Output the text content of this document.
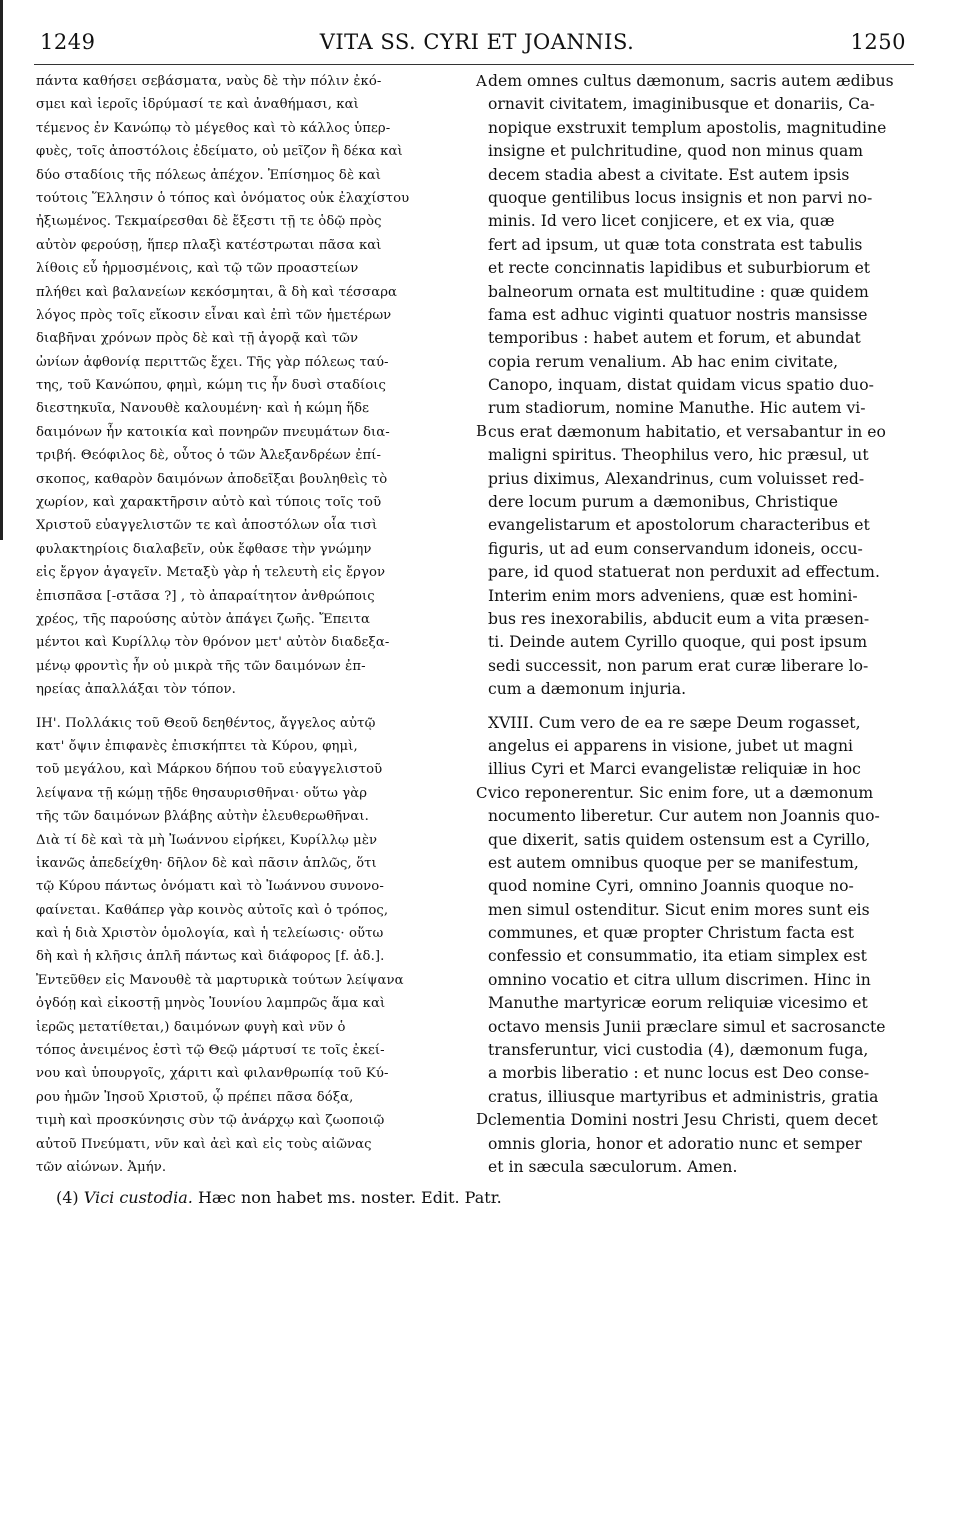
1249	VITA SS. CYRI ET JOANNIS.	1250
πάντα καθήσει σεβάσματα, ναὺς δὲ τὴν πόλιν ἐκό-
σμει καὶ ἱεροῖς ἱδρύμασί τε καὶ ἀναθήμασι, καὶ
τέμενος ἐν Κανώπῳ τὸ μέγεθος καὶ τὸ κάλλος ὑπερ-
φυὲς, τοῖς ἀποστόλοις ἐδείματο, οὐ μεῖζον ἢ δέκα καὶ
δύο σταδίοις τῆς πόλεως ἀπέχον. Ἐπίσημος δὲ καὶ
τούτοις Ἕλλησιν ὁ τόπος καὶ ὀνόματος οὐκ ἐλαχίστου
ἠξιωμένος. Τεκμαίρεσθαι δὲ ἔξεστι τῇ τε ὁδῷ πρὸς
αὐτὸν φερούσῃ, ἥπερ πλαξὶ κατέστρωται πᾶσα καὶ
λίθοις εὖ ἡρμοσμένοις, καὶ τῷ τῶν προαστείων
πλήθει καὶ βαλανείων κεκόσμηται, ἃ δὴ καὶ τέσσαρα
λόγος πρὸς τοῖς εἴκοσιν εἶναι καὶ ἐπὶ τῶν ἡμετέρων
διαβῆναι χρόνων πρὸς δὲ καὶ τῇ ἀγορᾷ καὶ τῶν
ὠνίων ἀφθονίᾳ περιττῶς ἔχει. Τῆς γὰρ πόλεως ταύ-
της, τοῦ Κανώπου, φημὶ, κώμη τις ἦν δυσὶ σταδίοις
διεστηκυῖα, Νανουθὲ καλουμένη· καὶ ἡ κώμη ἥδε
δαιμόνων ἦν κατοικία καὶ πονηρῶν πνευμάτων δια-
τριβή. Θεόφιλος δὲ, οὗτος ὁ τῶν Ἀλεξανδρέων ἐπί-
σκοπος, καθαρὸν δαιμόνων ἀποδεῖξαι βουληθεὶς τὸ
χωρίον, καὶ χαρακτῆρσιν αὐτὸ καὶ τύποις τοῖς τοῦ
Χριστοῦ εὐαγγελιστῶν τε καὶ ἀποστόλων οἷα τισὶ
φυλακτηρίοις διαλαβεῖν, οὐκ ἔφθασε τὴν γνώμην
εἰς ἔργον ἀγαγεῖν. Μεταξὺ γὰρ ἡ τελευτὴ εἰς ἔργον
ἐπισπᾶσα [-στᾶσα ?] , τὸ ἀπαραίτητον ἀνθρώποις
χρέος, τῆς παρούσης αὐτὸν ἀπάγει ζωῆς. Ἔπειτα
μέντοι καὶ Κυρίλλῳ τὸν θρόνον μετ' αὐτὸν διαδεξα-
μένῳ φροντὶς ἦν οὐ μικρὰ τῆς τῶν δαιμόνων ἐπ-
ηρείας ἀπαλλάξαι τὸν τόπον.
ΙΗ'. Πολλάκις τοῦ Θεοῦ δεηθέντος, ἄγγελος αὐτῷ
κατ' ὄψιν ἐπιφανὲς ἐπισκήπτει τὰ Κύρου, φημὶ,
τοῦ μεγάλου, καὶ Μάρκου δήπου τοῦ εὐαγγελιστοῦ
λείψανα τῇ κώμῃ τῇδε θησαυρισθῆναι· οὕτω γὰρ
τῆς τῶν δαιμόνων βλάβης αὐτὴν ἐλευθερωθῆναι.
Διὰ τί δὲ καὶ τὰ μὴ Ἰωάννου εἰρήκει, Κυρίλλῳ μὲν
ἱκανῶς ἀπεδείχθη· δῆλον δὲ καὶ πᾶσιν ἁπλῶς, ὅτι
τῷ Κύρου πάντως ὀνόματι καὶ τὸ Ἰωάννου συνονο-
φαίνεται. Καθάπερ γὰρ κοινὸς αὐτοῖς καὶ ὁ τρόπος,
καὶ ἡ διὰ Χριστὸν ὁμολογία, καὶ ἡ τελείωσις· οὕτω
δὴ καὶ ἡ κλῆσις ἁπλῆ πάντως καὶ διάφορος [f. ἀδ.].
Ἐντεῦθεν εἰς Μανουθὲ τὰ μαρτυρικὰ τούτων λείψανα
ὀγδόῃ καὶ εἰκοστῇ μηνὸς Ἰουνίου λαμπρῶς ἅμα καὶ
ἱερῶς μετατίθεται,) δαιμόνων φυγὴ καὶ νῦν ὁ
τόπος ἀνειμένος ἐστὶ τῷ Θεῷ μάρτυσί τε τοῖς ἐκεί-
νου καὶ ὑπουργοῖς, χάριτι καὶ φιλανθρωπίᾳ τοῦ Κύ-
ρου ἡμῶν Ἰησοῦ Χριστοῦ, ᾧ πρέπει πᾶσα δόξα,
τιμὴ καὶ προσκύνησις σὺν τῷ ἀνάρχῳ καὶ ζωοποιῷ
αὐτοῦ Πνεύματι, νῦν καὶ ἀεὶ καὶ εἰς τοὺς αἰῶνας
τῶν αἰώνων. Ἀμήν.
dem omnes cultus dæmonum, sacris autem ædibus
ornavit civitatem, imaginibusque et donariis, Ca-
nopique exstruxit templum apostolis, magnitudine
insigne et pulchritudine, quod non minus quam
decem stadia abest a civitate. Est autem ipsis
quoque gentilibus locus insignis et non parvi no-
minis. Id vero licet conjicere, et ex via, quæ
fert ad ipsum, ut quæ tota constrata est tabulis
et recte concinnatis lapidibus et suburbiorum et
balneorum ornata est multitudine : quæ quidem
fama est adhuc viginti quatuor nostris mansisse
temporibus : habet autem et forum, et abundat
copia rerum venalium. Ab hac enim civitate,
Canopo, inquam, distat quidam vicus spatio duo-
rum stadiorum, nomine Manuthe. Hic autem vi-
cus erat dæmonum habitatio, et versabantur in eo
maligni spiritus. Theophilus vero, hic præsul, ut
prius diximus, Alexandrinus, cum voluisset red-
dere locum purum a dæmonibus, Christique
evangelistarum et apostolorum characteribus et
figuris, ut ad eum conservandum idoneis, occu-
pare, id quod statuerat non perduxit ad effectum.
Interim enim mors adveniens, quæ est homini-
bus res inexorabilis, abducit eum a vita præsen-
ti. Deinde autem Cyrillo quoque, qui post ipsum
sedi successit, non parum erat curæ liberare lo-
cum a dæmonum injuria.
XVIII. Cum vero de ea re sæpe Deum rogasset,
angelus ei apparens in visione, jubet ut magni
illius Cyri et Marci evangelistæ reliquiæ in hoc
vico reponerentur. Sic enim fore, ut a dæmonum
nocumento liberetur. Cur autem non Joannis quo-
que dixerit, satis quidem ostensum est a Cyrillo,
est autem omnibus quoque per se manifestum,
quod nomine Cyri, omnino Joannis quoque no-
men simul ostenditur. Sicut enim mores sunt eis
communes, et quæ propter Christum facta est
confessio et consummatio, ita etiam simplex est
omnino vocatio et citra ullum discrimen. Hinc in
Manuthe martyricæ eorum reliquiæ vicesimo et
octavo mensis Junii præclare simul et sacrosancte
transferuntur, vici custodia (4), dæmonum fuga,
a morbis liberatio : et nunc locus est Deo conse-
cratus, illiusque martyribus et administris, gratia
clementia Domini nostri Jesu Christi, quem decet
omnis gloria, honor et adoratio nunc et semper
et in sæcula sæculorum. Amen.
A
B
C
D
(4) Vici custodia. Hæc non habet ms. noster. Edit. Patr.
